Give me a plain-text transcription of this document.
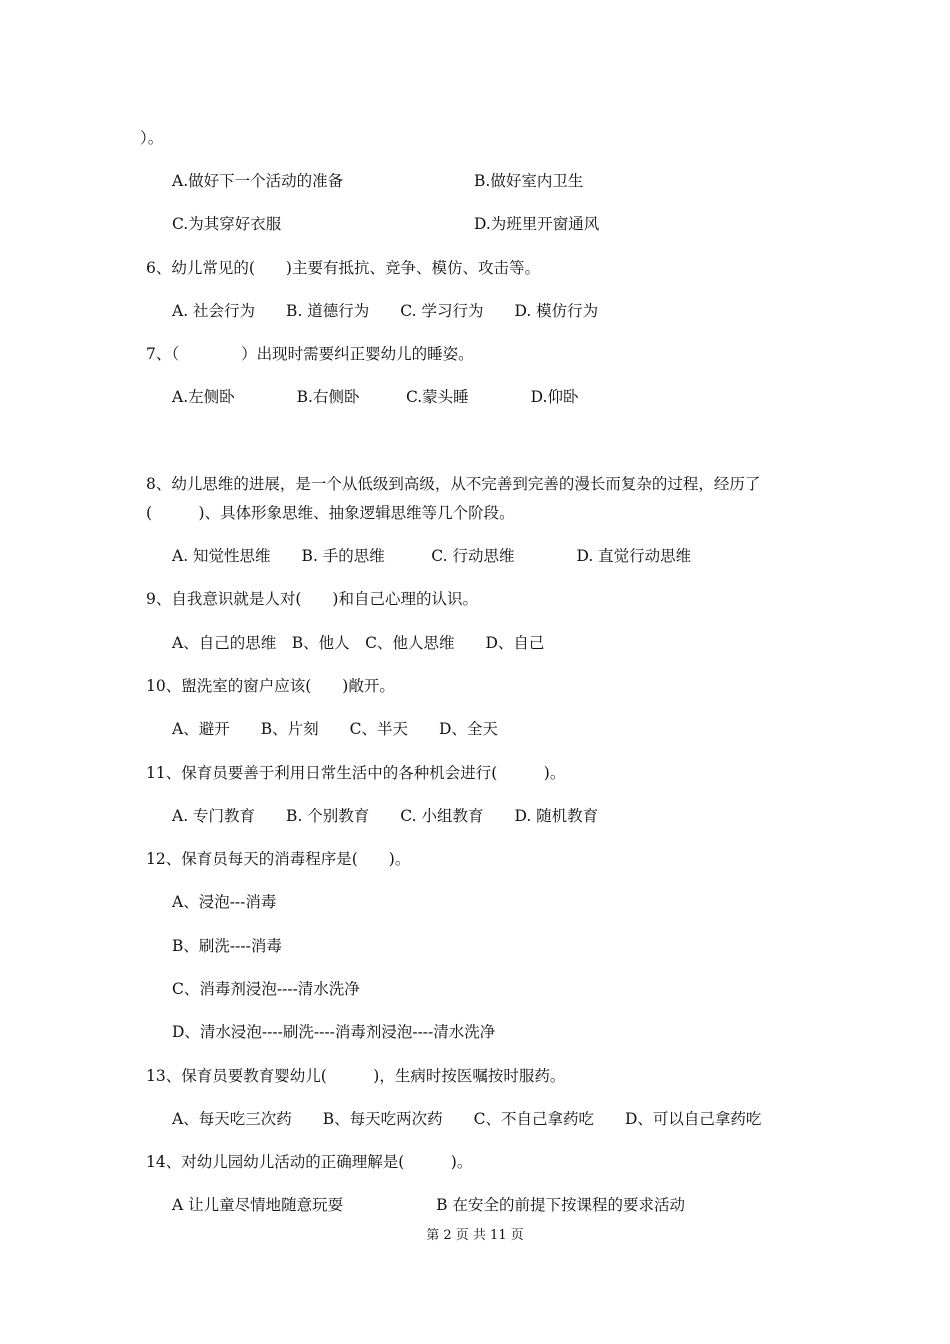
）。
A.做好下一个活动的准备	B.做好室内卫生
C.为其穿好衣服	D.为班里开窗通风
6、幼儿常见的(　　)主要有抵抗、竞争、模仿、攻击等。
A. 社会行为　　B. 道德行为　　C. 学习行为　　D. 模仿行为
7、（　　　　）出现时需要纠正婴幼儿的睡姿。
A.左侧卧　　　　B.右侧卧　　　C.蒙头睡　　　　D.仰卧
8、幼儿思维的进展，是一个从低级到高级，从不完善到完善的漫长而复杂的过程，经历了
(　　　)、具体形象思维、抽象逻辑思维等几个阶段。
A. 知觉性思维　　B. 手的思维　　　C. 行动思维　　　　D. 直觉行动思维
9、自我意识就是人对(　　)和自己心理的认识。
A、自己的思维　B、他人　C、他人思维　　D、自己
10、盥洗室的窗户应该(　　)敞开。
A、避开　　B、片刻　　C、半天　　D、全天
11、保育员要善于利用日常生活中的各种机会进行(　　　)。
A. 专门教育　　B. 个别教育　　C. 小组教育　　D. 随机教育
12、保育员每天的消毒程序是(　　)。
A、浸泡---消毒
B、刷洗----消毒
C、消毒剂浸泡----清水洗净
D、清水浸泡----刷洗----消毒剂浸泡----清水洗净
13、保育员要教育婴幼儿(　　　)，生病时按医嘱按时服药。
A、每天吃三次药　　B、每天吃两次药　　C、不自己拿药吃　　D、可以自己拿药吃
14、对幼儿园幼儿活动的正确理解是(　　　)。
A 让儿童尽情地随意玩耍　　　　　　B 在安全的前提下按课程的要求活动
第 2 页 共 11 页
